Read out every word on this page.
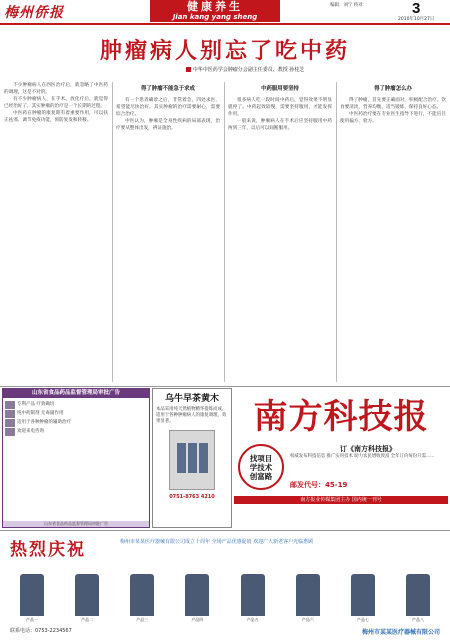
梅州侨报	健康养生
Jian kang yang sheng
编辑：刘宁 校对：	3
2010年10月27日
肿瘤病人别忘了吃中药
中华中医药学会肿瘤分会副主任委员、教授 孙桂芝
不少肿瘤病人在西医治疗后，就忽略了中医药的调理，这是不对的。
有不少肿瘤病人，在手术、放化疗后，就觉得已经治好了，其实肿瘤的治疗是一个长期的过程。
中医药在肿瘤的康复期有着重要作用，可以扶正祛邪、调节免疫功能，预防复发和转移。
得了肿瘤不能急于求成
有一个患者确诊之后，非常着急，四处求医，希望能尽快治好。其实肿瘤的治疗需要耐心，需要综合治疗。
中医认为，肿瘤是全身性疾病的局部表现，治疗要从整体出发，辨证施治。
中药服用要坚持
很多病人吃一段时间中药后，觉得效果不明显就停了。中药起效较慢，需要坚持服用，才能发挥作用。
一般来说，肿瘤病人在手术后应坚持服用中药两到三年，以后可以间断服用。
得了肿瘤怎么办
得了肿瘤，首先要正确面对，积极配合治疗。饮食要清淡，营养均衡，适当锻炼，保持良好心态。
中医药治疗要在专业医生指导下进行，不能盲目使用偏方、验方。
山东省食品药品监督管理局审批广告
专利产品 疗效确切
纯中药制剂 无毒副作用
适用于各种肿瘤的辅助治疗
欢迎来电咨询
山东省食品药品监督管理局审批广告
乌牛早茶黄木
本品采用纯天然植物精华提炼而成，适用于各种肿瘤病人的康复调理，效果显著。
0751-8763 4210
南方科技报
找项目
学技术
创富路
订《南方科技报》
权威发布科技信息 推广实用技术 助力农民增收致富 全年订价每份只需……
邮发代号：45-19
南方报业传媒集团主办 国内统一刊号
热烈庆祝	梅州市某某医疗器械有限公司成立十周年 全场产品优惠促销 欢迎广大新老客户光临惠顾
产品一	产品二	产品三	产品四	产品五	产品六	产品七	产品八
联系电话：0753-2234567	梅州市某某医疗器械有限公司
